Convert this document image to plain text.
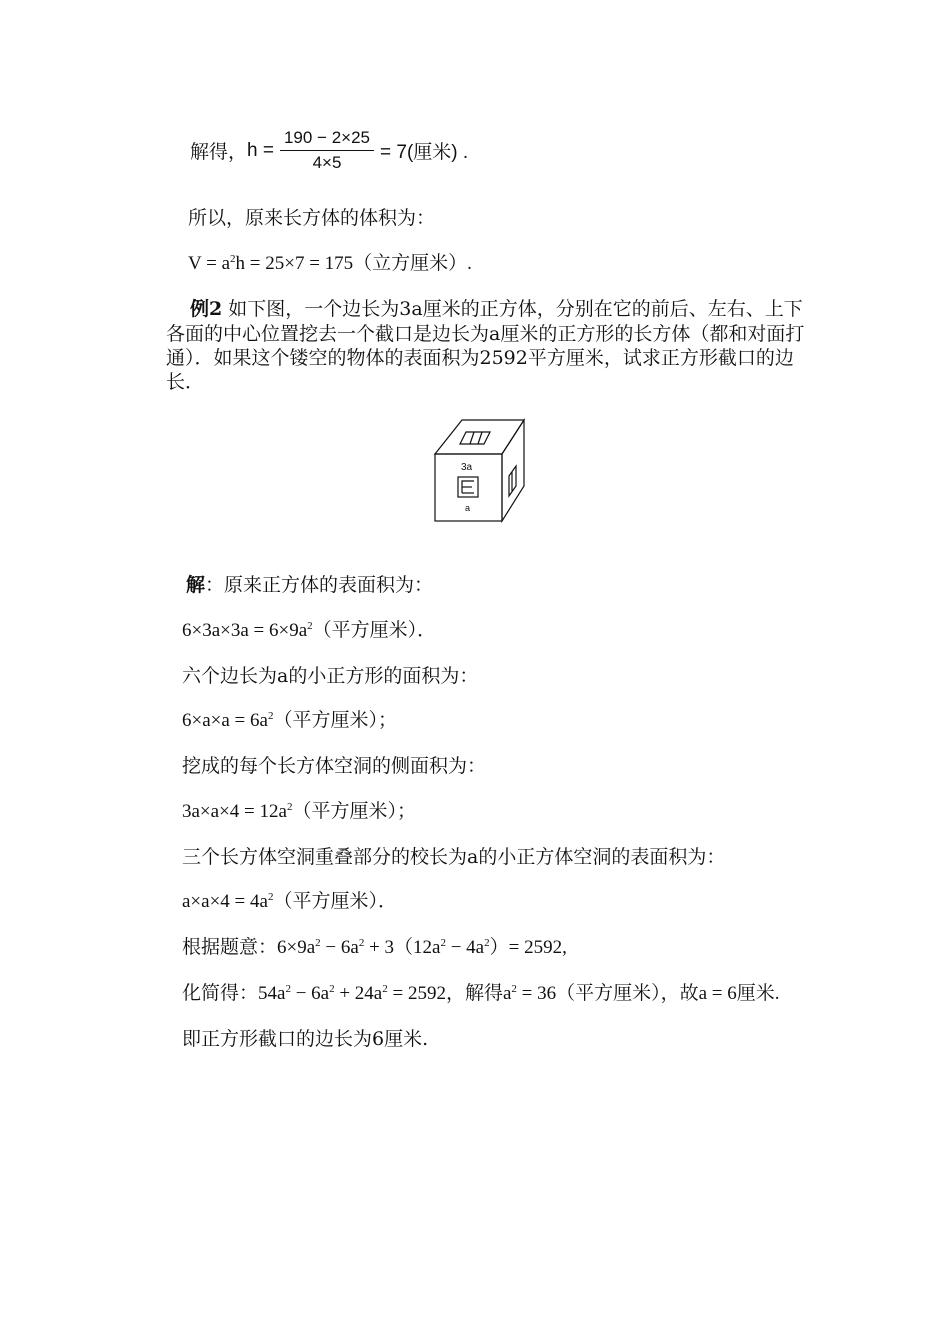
解得， $h = \frac{190 - 2\times 25}{4\times 5} = 7$(厘米) .
所以，原来长方体的体积为：
$V = a^2h = 25\times 7 = 175$（立方厘米）.
例2 如下图，一个边长为3a厘米的正方体，分别在它的前后、左右、上下
各面的中心位置挖去一个截口是边长为a厘米的正方形的长方体（都和对面打
通）．如果这个镂空的物体的表面积为2592平方厘米，试求正方形截口的边
长．
3a
a
解：原来正方体的表面积为：
$6\times 3a\times 3a = 6\times 9a^2$（平方厘米）．
六个边长为a的小正方形的面积为：
$6\times a\times a = 6a^2$（平方厘米）；
挖成的每个长方体空洞的侧面积为：
$3a\times a\times 4 = 12a^2$（平方厘米）；
三个长方体空洞重叠部分的校长为a的小正方体空洞的表面积为：
$a\times a\times 4 = 4a^2$（平方厘米）．
根据题意：$6\times 9a^2 - 6a^2 + 3(12a^2 - 4a^2)= 2592$,
化简得：$54a^2 - 6a^2 + 24a^2 = 2592$，解得$a^2 = 36$（平方厘米），故a = 6厘米.
即正方形截口的边长为6厘米.
